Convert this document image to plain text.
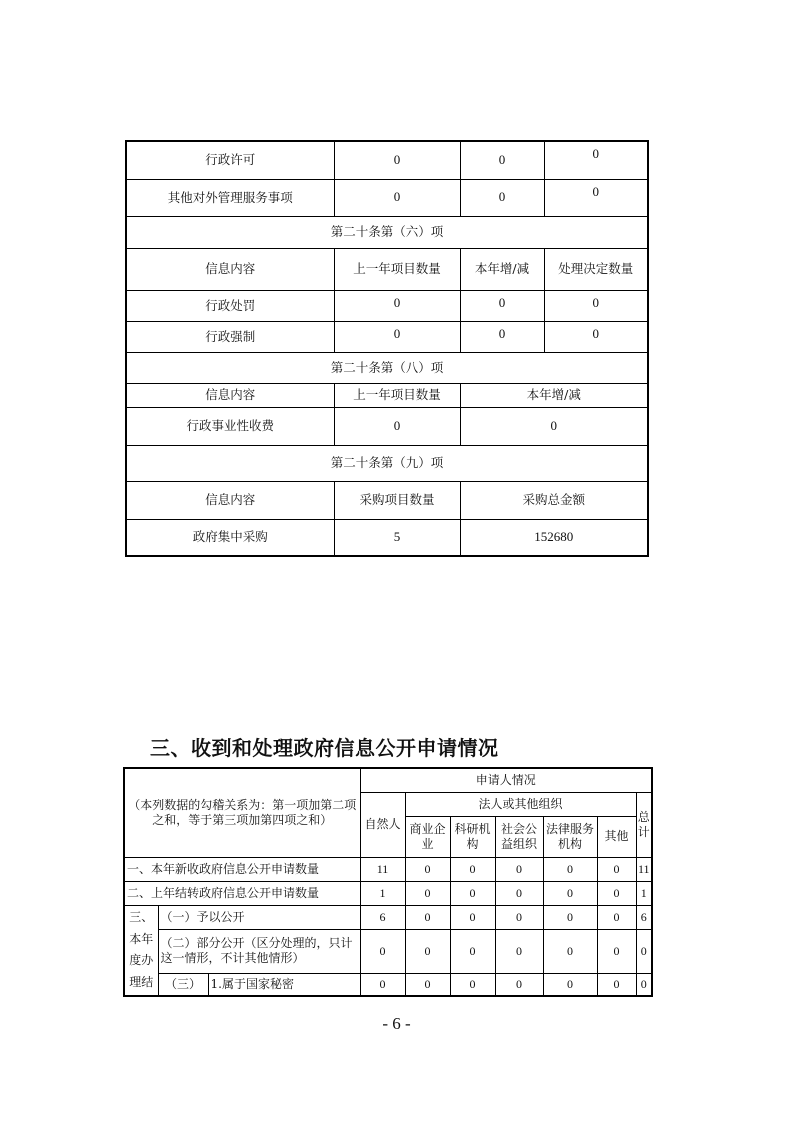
行政许可	0	0	0
其他对外管理服务事项	0	0	0
第二十条第（六）项			
信息内容	上一年项目数量	本年增/减	处理决定数量
行政处罚	0	0	0
行政强制	0	0	0
第二十条第（八）项			
信息内容	上一年项目数量	本年增/减	
行政事业性收费	0	0	
第二十条第（九）项			
信息内容	采购项目数量	采购总金额	
政府集中采购	5	152680	
三、收到和处理政府信息公开申请情况
（本列数据的勾稽关系为：第一项加第二项之和，等于第三项加第四项之和）			申请人情况						
			自然人	法人或其他组织					总计
				商业企业	科研机构	社会公益组织	法律服务机构	其他	
一、本年新收政府信息公开申请数量			11	0	0	0	0	0	11
二、上年结转政府信息公开申请数量			1	0	0	0	0	0	1
三、本年度办理结	（一）予以公开		6	0	0	0	0	0	6
	（二）部分公开（区分处理的，只计这一情形，不计其他情形）		0	0	0	0	0	0	0
	（三）	1.属于国家秘密	0	0	0	0	0	0	0
- 6 -
